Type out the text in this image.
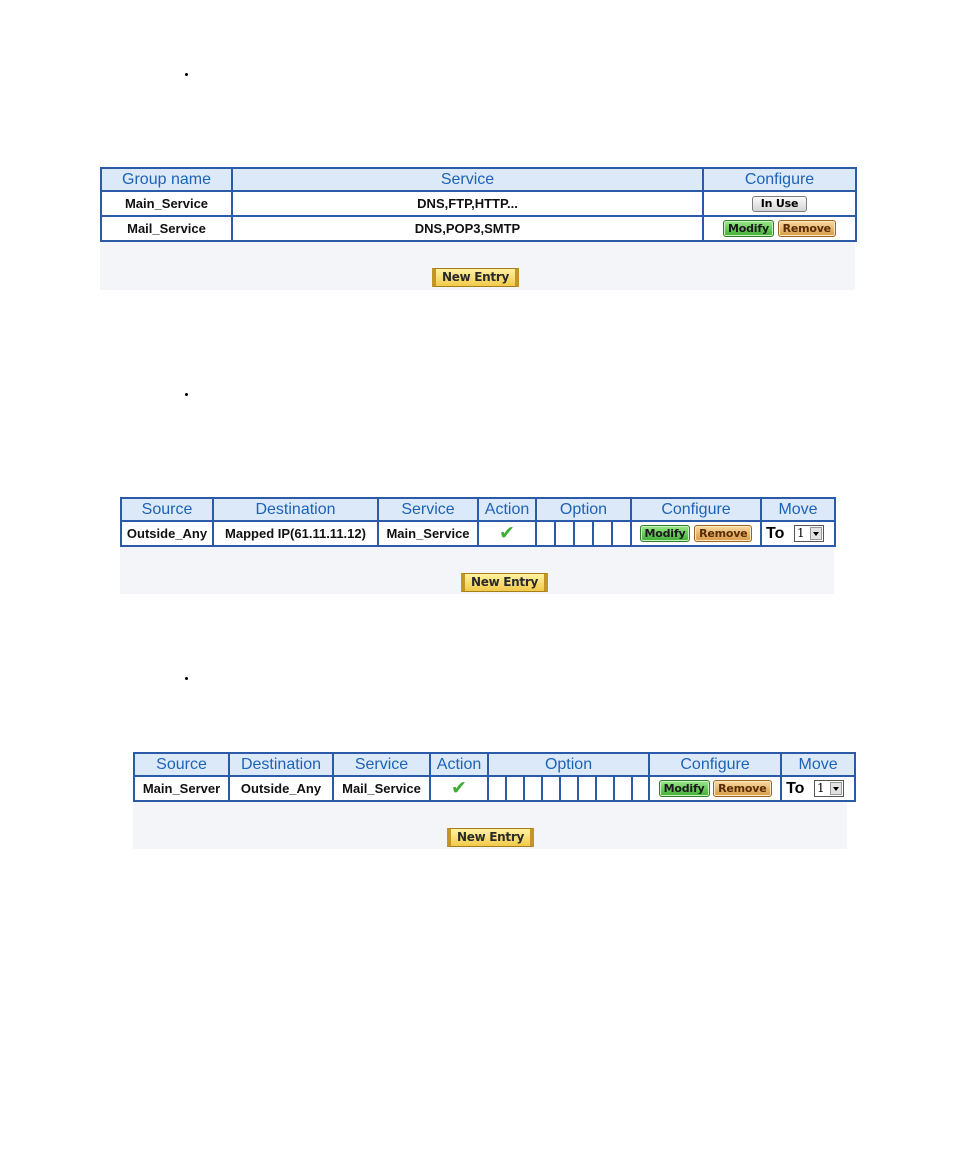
Group name	Service	Configure
Main_Service	DNS,FTP,HTTP...	In Use
Mail_Service	DNS,POP3,SMTP	Modify Remove
New Entry
Source	Destination	Service	Action	Option					Configure	Move
Outside_Any	Mapped IP(61.11.11.12)	Main_Service	✔						Modify Remove	To 1
New Entry
Source	Destination	Service	Action	Option									Configure	Move
Main_Server	Outside_Any	Mail_Service	✔										Modify Remove	To 1
New Entry
